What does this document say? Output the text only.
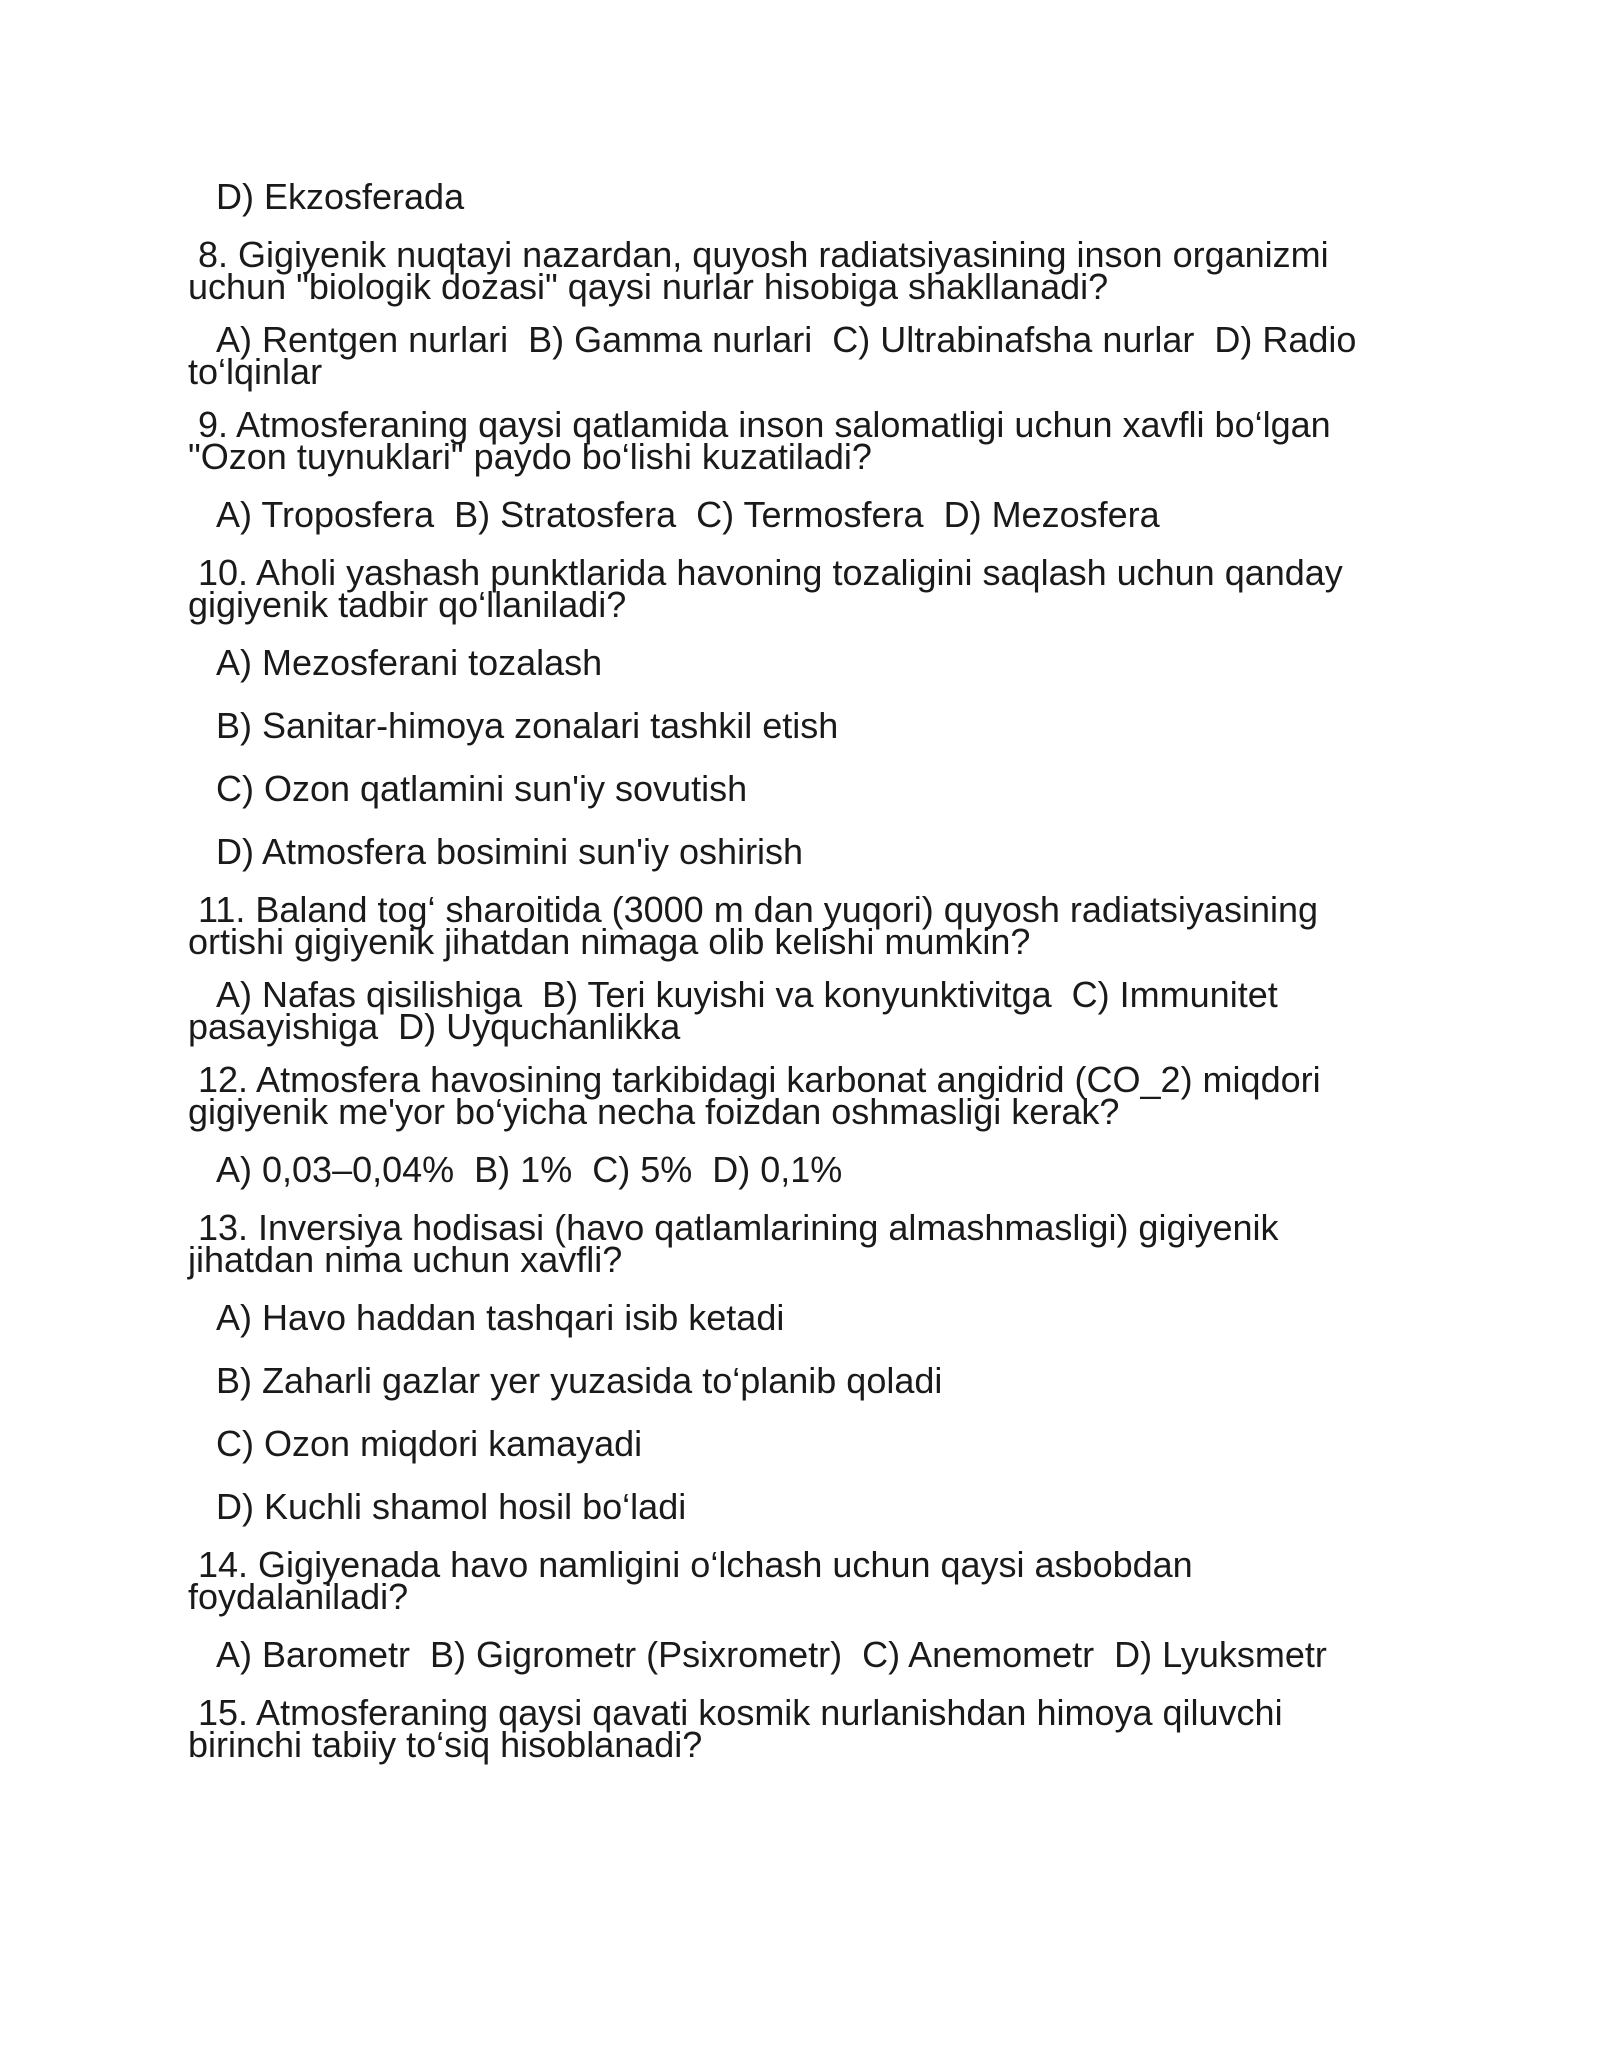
D) Ekzosferada
8. Gigiyenik nuqtayi nazardan, quyosh radiatsiyasining inson organizmi
uchun "biologik dozasi" qaysi nurlar hisobiga shakllanadi?
A) Rentgen nurlari  B) Gamma nurlari  C) Ultrabinafsha nurlar  D) Radio
to‘lqinlar
9. Atmosferaning qaysi qatlamida inson salomatligi uchun xavfli bo‘lgan
"Ozon tuynuklari" paydo bo‘lishi kuzatiladi?
A) Troposfera  B) Stratosfera  C) Termosfera  D) Mezosfera
10. Aholi yashash punktlarida havoning tozaligini saqlash uchun qanday
gigiyenik tadbir qo‘llaniladi?
A) Mezosferani tozalash
B) Sanitar-himoya zonalari tashkil etish
C) Ozon qatlamini sun'iy sovutish
D) Atmosfera bosimini sun'iy oshirish
11. Baland tog‘ sharoitida (3000 m dan yuqori) quyosh radiatsiyasining
ortishi gigiyenik jihatdan nimaga olib kelishi mumkin?
A) Nafas qisilishiga  B) Teri kuyishi va konyunktivitga  C) Immunitet
pasayishiga  D) Uyquchanlikka
12. Atmosfera havosining tarkibidagi karbonat angidrid (CO_2) miqdori
gigiyenik me'yor bo‘yicha necha foizdan oshmasligi kerak?
A) 0,03–0,04%  B) 1%  C) 5%  D) 0,1%
13. Inversiya hodisasi (havo qatlamlarining almashmasligi) gigiyenik
jihatdan nima uchun xavfli?
A) Havo haddan tashqari isib ketadi
B) Zaharli gazlar yer yuzasida to‘planib qoladi
C) Ozon miqdori kamayadi
D) Kuchli shamol hosil bo‘ladi
14. Gigiyenada havo namligini o‘lchash uchun qaysi asbobdan
foydalaniladi?
A) Barometr  B) Gigrometr (Psixrometr)  C) Anemometr  D) Lyuksmetr
15. Atmosferaning qaysi qavati kosmik nurlanishdan himoya qiluvchi
birinchi tabiiy to‘siq hisoblanadi?
